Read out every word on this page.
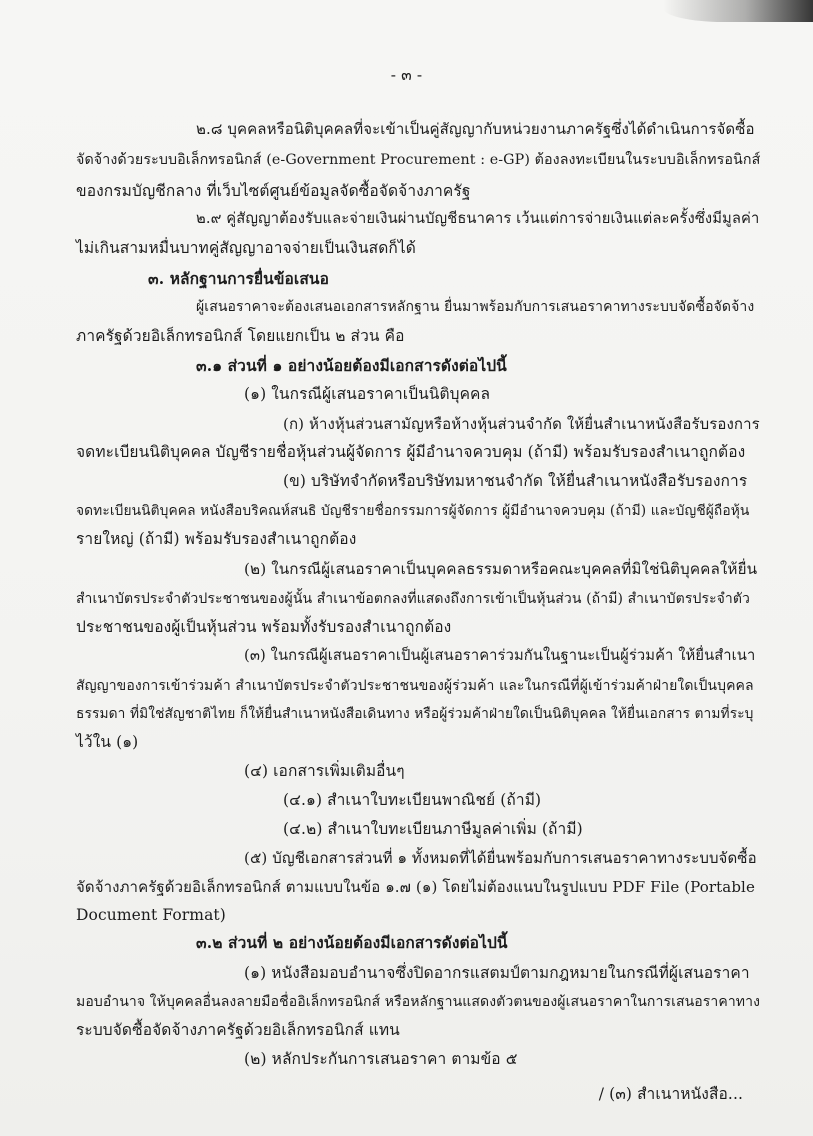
- ๓ -
๒.๘ บุคคลหรือนิติบุคคลที่จะเข้าเป็นคู่สัญญากับหน่วยงานภาครัฐซึ่งได้ดำเนินการจัดซื้อ
จัดจ้างด้วยระบบอิเล็กทรอนิกส์ (e-Government Procurement : e-GP) ต้องลงทะเบียนในระบบอิเล็กทรอนิกส์
ของกรมบัญชีกลาง ที่เว็บไซต์ศูนย์ข้อมูลจัดซื้อจัดจ้างภาครัฐ
๒.๙ คู่สัญญาต้องรับและจ่ายเงินผ่านบัญชีธนาคาร เว้นแต่การจ่ายเงินแต่ละครั้งซึ่งมีมูลค่า
ไม่เกินสามหมื่นบาทคู่สัญญาอาจจ่ายเป็นเงินสดก็ได้
๓. หลักฐานการยื่นข้อเสนอ
ผู้เสนอราคาจะต้องเสนอเอกสารหลักฐาน ยื่นมาพร้อมกับการเสนอราคาทางระบบจัดซื้อจัดจ้าง
ภาครัฐด้วยอิเล็กทรอนิกส์ โดยแยกเป็น ๒ ส่วน คือ
๓.๑ ส่วนที่ ๑ อย่างน้อยต้องมีเอกสารดังต่อไปนี้
(๑) ในกรณีผู้เสนอราคาเป็นนิติบุคคล
(ก) ห้างหุ้นส่วนสามัญหรือห้างหุ้นส่วนจำกัด ให้ยื่นสำเนาหนังสือรับรองการ
จดทะเบียนนิติบุคคล บัญชีรายชื่อหุ้นส่วนผู้จัดการ ผู้มีอำนาจควบคุม (ถ้ามี) พร้อมรับรองสำเนาถูกต้อง
(ข) บริษัทจำกัดหรือบริษัทมหาชนจำกัด ให้ยื่นสำเนาหนังสือรับรองการ
จดทะเบียนนิติบุคคล หนังสือบริคณห์สนธิ บัญชีรายชื่อกรรมการผู้จัดการ ผู้มีอำนาจควบคุม (ถ้ามี) และบัญชีผู้ถือหุ้น
รายใหญ่ (ถ้ามี) พร้อมรับรองสำเนาถูกต้อง
(๒) ในกรณีผู้เสนอราคาเป็นบุคคลธรรมดาหรือคณะบุคคลที่มิใช่นิติบุคคลให้ยื่น
สำเนาบัตรประจำตัวประชาชนของผู้นั้น สำเนาข้อตกลงที่แสดงถึงการเข้าเป็นหุ้นส่วน (ถ้ามี) สำเนาบัตรประจำตัว
ประชาชนของผู้เป็นหุ้นส่วน พร้อมทั้งรับรองสำเนาถูกต้อง
(๓) ในกรณีผู้เสนอราคาเป็นผู้เสนอราคาร่วมกันในฐานะเป็นผู้ร่วมค้า ให้ยื่นสำเนา
สัญญาของการเข้าร่วมค้า สำเนาบัตรประจำตัวประชาชนของผู้ร่วมค้า และในกรณีที่ผู้เข้าร่วมค้าฝ่ายใดเป็นบุคคล
ธรรมดา ที่มิใช่สัญชาติไทย ก็ให้ยื่นสำเนาหนังสือเดินทาง หรือผู้ร่วมค้าฝ่ายใดเป็นนิติบุคคล ให้ยื่นเอกสาร ตามที่ระบุ
ไว้ใน (๑)
(๔) เอกสารเพิ่มเติมอื่นๆ
(๔.๑) สำเนาใบทะเบียนพาณิชย์ (ถ้ามี)
(๔.๒) สำเนาใบทะเบียนภาษีมูลค่าเพิ่ม (ถ้ามี)
(๕) บัญชีเอกสารส่วนที่ ๑ ทั้งหมดที่ได้ยื่นพร้อมกับการเสนอราคาทางระบบจัดซื้อ
จัดจ้างภาครัฐด้วยอิเล็กทรอนิกส์ ตามแบบในข้อ ๑.๗ (๑) โดยไม่ต้องแนบในรูปแบบ PDF File (Portable
Document Format)
๓.๒ ส่วนที่ ๒ อย่างน้อยต้องมีเอกสารดังต่อไปนี้
(๑) หนังสือมอบอำนาจซึ่งปิดอากรแสตมป์ตามกฎหมายในกรณีที่ผู้เสนอราคา
มอบอำนาจ ให้บุคคลอื่นลงลายมือชื่ออิเล็กทรอนิกส์ หรือหลักฐานแสดงตัวตนของผู้เสนอราคาในการเสนอราคาทาง
ระบบจัดซื้อจัดจ้างภาครัฐด้วยอิเล็กทรอนิกส์ แทน
(๒) หลักประกันการเสนอราคา ตามข้อ ๕
/ (๓) สำเนาหนังสือ...
